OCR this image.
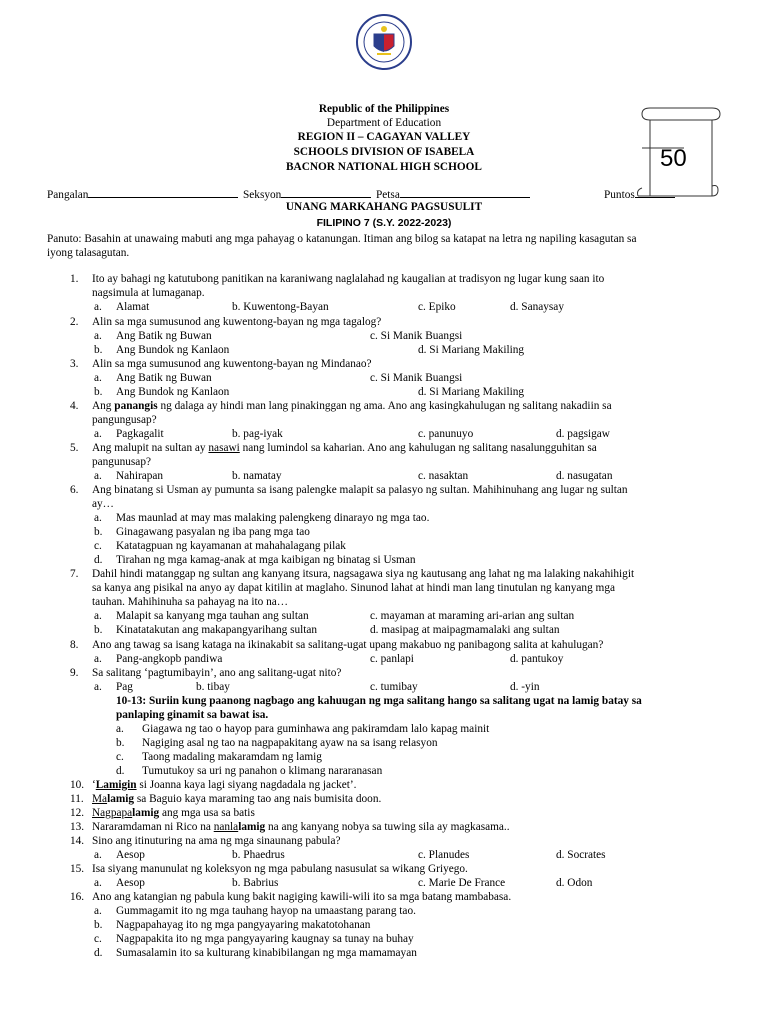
50
Republic of the Philippines
Department of Education
REGION II – CAGAYAN VALLEY
SCHOOLS DIVISION OF ISABELA
BACNOR NATIONAL HIGH SCHOOL
Pangalan	Seksyon	Petsa	Puntos
UNANG MARKAHANG PAGSUSULIT
FILIPINO 7 (S.Y. 2022-2023)
Panuto: Basahin at unawaing mabuti ang mga pahayag o katanungan. Itiman ang bilog sa katapat na letra ng napiling kasagutan sa
iyong talasagutan.
1. Ito ay bahagi ng katutubong panitikan na karaniwang naglalahad ng kaugalian at tradisyon ng lugar kung saan ito
nagsimula at lumaganap.
a. Alamat	b. Kuwentong-Bayan	c. Epiko	d. Sanaysay
2. Alin sa mga sumusunod ang kuwentong-bayan ng mga tagalog?
a. Ang Batik ng Buwan	c. Si Manik Buangsi
b. Ang Bundok ng Kanlaon	d. Si Mariang Makiling
3. Alin sa mga sumusunod ang kuwentong-bayan ng Mindanao?
a. Ang Batik ng Buwan	c. Si Manik Buangsi
b. Ang Bundok ng Kanlaon	d. Si Mariang Makiling
4. Ang panangis ng dalaga ay hindi man lang pinakinggan ng ama. Ano ang kasingkahulugan ng salitang nakadiin sa
pangungusap?
a. Pagkagalit	b. pag-iyak	c. panunuyo	d. pagsigaw
5. Ang malupit na sultan ay nasawi nang lumindol sa kaharian. Ano ang kahulugan ng salitang nasalungguhitan sa
pangunusap?
a. Nahirapan	b. namatay	c. nasaktan	d. nasugatan
6. Ang binatang si Usman ay pumunta sa isang palengke malapit sa palasyo ng sultan. Mahihinuhang ang lugar ng sultan
ay…
a. Mas maunlad at may mas malaking palengkeng dinarayo ng mga tao.
b. Ginagawang pasyalan ng iba pang mga tao
c. Katatagpuan ng kayamanan at mahahalagang pilak
d. Tirahan ng mga kamag-anak at mga kaibigan ng binatag si Usman
7. Dahil hindi matanggap ng sultan ang kanyang itsura, nagsagawa siya ng kautusang ang lahat ng ma lalaking nakahihigit
sa kanya ang pisikal na anyo ay dapat kitilin at maglaho. Sinunod lahat at hindi man lang tinutulan ng kanyang mga
tauhan. Mahihinuha sa pahayag na ito na…
a. Malapit sa kanyang mga tauhan ang sultan	c. mayaman at maraming ari-arian ang sultan
b. Kinatatakutan ang makapangyarihang sultan	d. masipag at maipagmamalaki ang sultan
8. Ano ang tawag sa isang kataga na ikinakabit sa salitang-ugat upang makabuo ng panibagong salita at kahulugan?
a. Pang-angkopb pandiwa	c. panlapi	d. pantukoy
9. Sa salitang ‘pagtumibayin’, ano ang salitang-ugat nito?
a. Pag	b. tibay	c. tumibay	d. -yin
10-13: Suriin kung paanong nagbago ang kahuugan ng mga salitang hango sa salitang ugat na lamig batay sa
panlaping ginamit sa bawat isa.
a. Giagawa ng tao o hayop para guminhawa ang pakiramdam lalo kapag mainit
b. Nagiging asal ng tao na nagpapakitang ayaw na sa isang relasyon
c. Taong madaling makaramdam ng lamig
d. Tumutukoy sa uri ng panahon o klimang nararanasan
10. ‘Lamigin si Joanna kaya lagi siyang nagdadala ng jacket’.
11. Malamig sa Baguio kaya maraming tao ang nais bumisita doon.
12. Nagpapalamig ang mga usa sa batis
13. Nararamdaman ni Rico na nanlalamig na ang kanyang nobya sa tuwing sila ay magkasama..
14. Sino ang itinuturing na ama ng mga sinaunang pabula?
a. Aesop	b. Phaedrus	c. Planudes	d. Socrates
15. Isa siyang manunulat ng koleksyon ng mga pabulang nasusulat sa wikang Griyego.
a. Aesop	b. Babrius	c. Marie De France	d. Odon
16. Ano ang katangian ng pabula kung bakit nagiging kawili-wili ito sa mga batang mambabasa.
a. Gummagamit ito ng mga tauhang hayop na umaastang parang tao.
b. Nagpapahayag ito ng mga pangyayaring makatotohanan
c. Nagpapakita ito ng mga pangyayaring kaugnay sa tunay na buhay
d. Sumasalamin ito sa kulturang kinabibilangan ng mga mamamayan
